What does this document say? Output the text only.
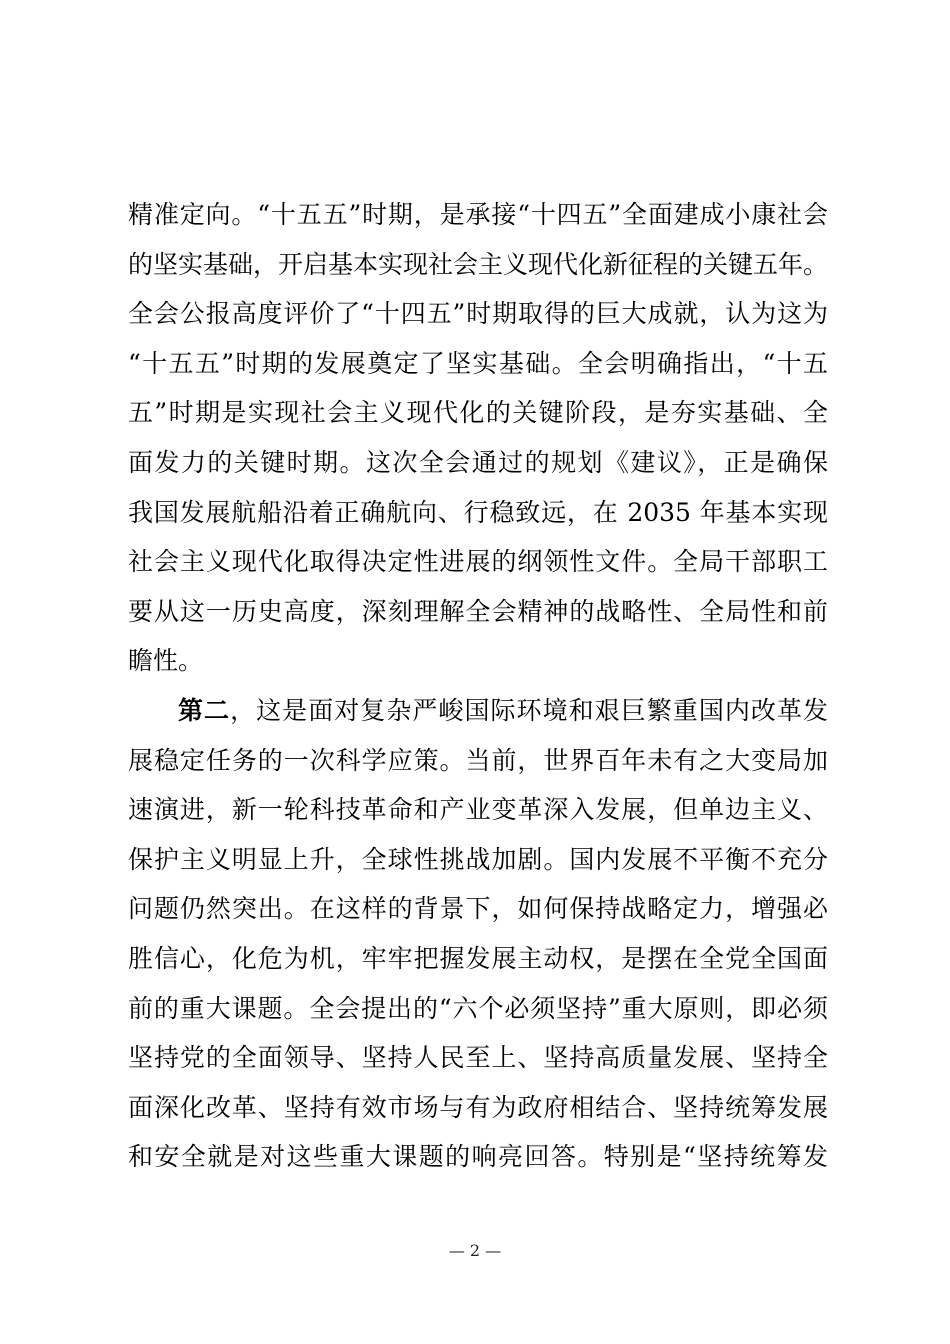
精准定向。“十五五”时期，是承接“十四五”全面建成小康社会
的坚实基础，开启基本实现社会主义现代化新征程的关键五年。
全会公报高度评价了“十四五”时期取得的巨大成就，认为这为
“十五五”时期的发展奠定了坚实基础。全会明确指出，“十五
五”时期是实现社会主义现代化的关键阶段，是夯实基础、全
面发力的关键时期。这次全会通过的规划《建议》，正是确保
我国发展航船沿着正确航向、行稳致远，在 2035 年基本实现
社会主义现代化取得决定性进展的纲领性文件。全局干部职工
要从这一历史高度，深刻理解全会精神的战略性、全局性和前
瞻性。
第二，这是面对复杂严峻国际环境和艰巨繁重国内改革发
展稳定任务的一次科学应策。当前，世界百年未有之大变局加
速演进，新一轮科技革命和产业变革深入发展，但单边主义、
保护主义明显上升，全球性挑战加剧。国内发展不平衡不充分
问题仍然突出。在这样的背景下，如何保持战略定力，增强必
胜信心，化危为机，牢牢把握发展主动权，是摆在全党全国面
前的重大课题。全会提出的“六个必须坚持”重大原则，即必须
坚持党的全面领导、坚持人民至上、坚持高质量发展、坚持全
面深化改革、坚持有效市场与有为政府相结合、坚持统筹发展
和安全就是对这些重大课题的响亮回答。特别是“坚持统筹发
— 2 —
